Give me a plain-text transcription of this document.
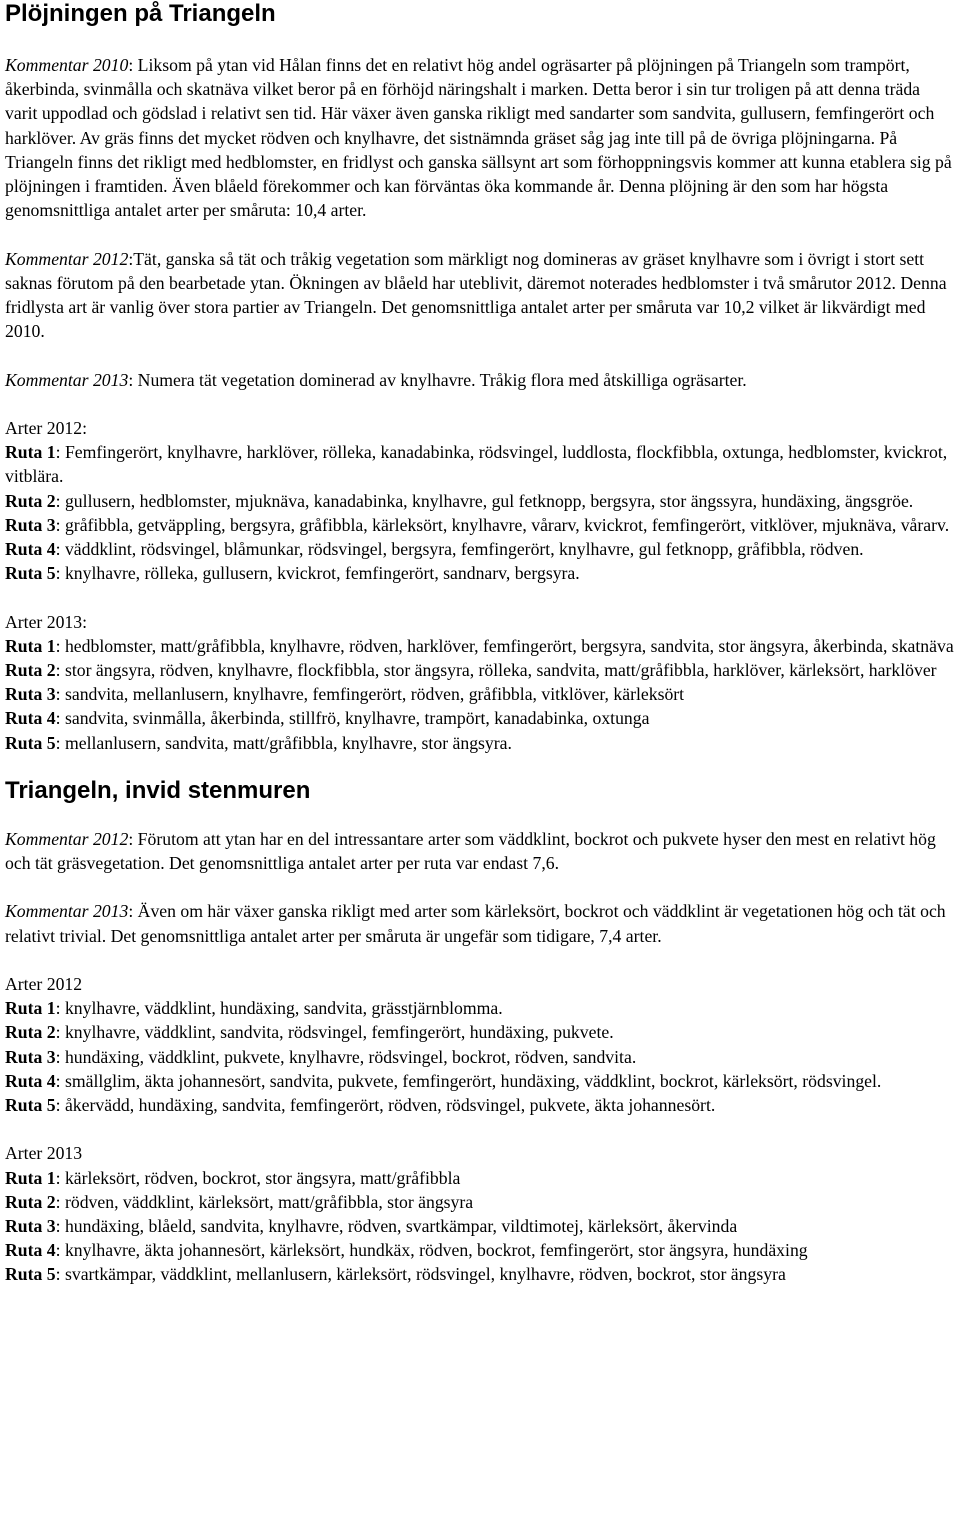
Plöjningen på Triangeln

Kommentar 2010: Liksom på ytan vid Hålan finns det en relativt hög andel ogräsarter på plöjningen på Triangeln som trampört, åkerbinda, svinmålla och skatnäva vilket beror på en förhöjd näringshalt i marken. Detta beror i sin tur troligen på att denna träda varit uppodlad och gödslad i relativt sen tid. Här växer även ganska rikligt med sandarter som sandvita, gullusern, femfingerört och harklöver. Av gräs finns det mycket rödven och knylhavre, det sistnämnda gräset såg jag inte till på de övriga plöjningarna. På Triangeln finns det rikligt med hedblomster, en fridlyst och ganska sällsynt art som förhoppningsvis kommer att kunna etablera sig på plöjningen i framtiden. Även blåeld förekommer och kan förväntas öka kommande år. Denna plöjning är den som har högsta genomsnittliga antalet arter per småruta: 10,4 arter.

Kommentar 2012:Tät, ganska så tät och tråkig vegetation som märkligt nog domineras av gräset knylhavre som i övrigt i stort sett saknas förutom på den bearbetade ytan. Ökningen av blåeld har uteblivit, däremot noterades hedblomster i två smårutor 2012. Denna fridlysta art är vanlig över stora partier av Triangeln. Det genomsnittliga antalet arter per småruta var 10,2 vilket är likvärdigt med 2010.

Kommentar 2013: Numera tät vegetation dominerad av knylhavre. Tråkig flora med åtskilliga ogräsarter.

Arter 2012:

Ruta 1: Femfingerört, knylhavre, harklöver, rölleka, kanadabinka, rödsvingel, luddlosta, flockfibbla, oxtunga, hedblomster, kvickrot, vitblära.

Ruta 2: gullusern, hedblomster, mjuknäva, kanadabinka, knylhavre, gul fetknopp, bergsyra, stor ängssyra, hundäxing, ängsgröe.

Ruta 3: gråfibbla, getväppling, bergsyra, gråfibbla, kärleksört, knylhavre, vårarv, kvickrot, femfingerört, vitklöver, mjuknäva, vårarv.

Ruta 4: väddklint, rödsvingel, blåmunkar, rödsvingel, bergsyra, femfingerört, knylhavre, gul fetknopp, gråfibbla, rödven.

Ruta 5: knylhavre, rölleka, gullusern, kvickrot, femfingerört, sandnarv, bergsyra.

Arter 2013:

Ruta 1: hedblomster, matt/gråfibbla, knylhavre, rödven, harklöver, femfingerört, bergsyra, sandvita, stor ängsyra, åkerbinda, skatnäva

Ruta 2: stor ängsyra, rödven, knylhavre, flockfibbla, stor ängsyra, rölleka, sandvita, matt/gråfibbla, harklöver, kärleksört, harklöver

Ruta 3: sandvita, mellanlusern, knylhavre, femfingerört, rödven, gråfibbla, vitklöver, kärleksört

Ruta 4: sandvita, svinmålla, åkerbinda, stillfrö, knylhavre, trampört, kanadabinka, oxtunga

Ruta 5: mellanlusern, sandvita, matt/gråfibbla, knylhavre, stor ängsyra.

Triangeln, invid stenmuren

Kommentar 2012: Förutom att ytan har en del intressantare arter som väddklint, bockrot och pukvete hyser den mest en relativt hög och tät gräsvegetation. Det genomsnittliga antalet arter per ruta var endast 7,6.

Kommentar 2013: Även om här växer ganska rikligt med arter som kärleksört, bockrot och väddklint är vegetationen hög och tät och relativt trivial. Det genomsnittliga antalet arter per småruta är ungefär som tidigare, 7,4 arter.

Arter 2012

Ruta 1: knylhavre, väddklint, hundäxing, sandvita, grässtjärnblomma.

Ruta 2: knylhavre, väddklint, sandvita, rödsvingel, femfingerört, hundäxing, pukvete.

Ruta 3: hundäxing, väddklint, pukvete, knylhavre, rödsvingel, bockrot, rödven, sandvita.

Ruta 4: smällglim, äkta johannesört, sandvita, pukvete, femfingerört, hundäxing, väddklint, bockrot, kärleksört, rödsvingel.

Ruta 5: åkervädd, hundäxing, sandvita, femfingerört, rödven, rödsvingel, pukvete, äkta johannesört.

Arter 2013

Ruta 1: kärleksört, rödven, bockrot, stor ängsyra, matt/gråfibbla

Ruta 2: rödven, väddklint, kärleksört, matt/gråfibbla, stor ängsyra

Ruta 3: hundäxing, blåeld, sandvita, knylhavre, rödven, svartkämpar, vildtimotej, kärleksört, åkervinda

Ruta 4: knylhavre, äkta johannesört, kärleksört, hundkäx, rödven, bockrot, femfingerört, stor ängsyra, hundäxing

Ruta 5: svartkämpar, väddklint, mellanlusern, kärleksört, rödsvingel, knylhavre, rödven, bockrot, stor ängsyra
